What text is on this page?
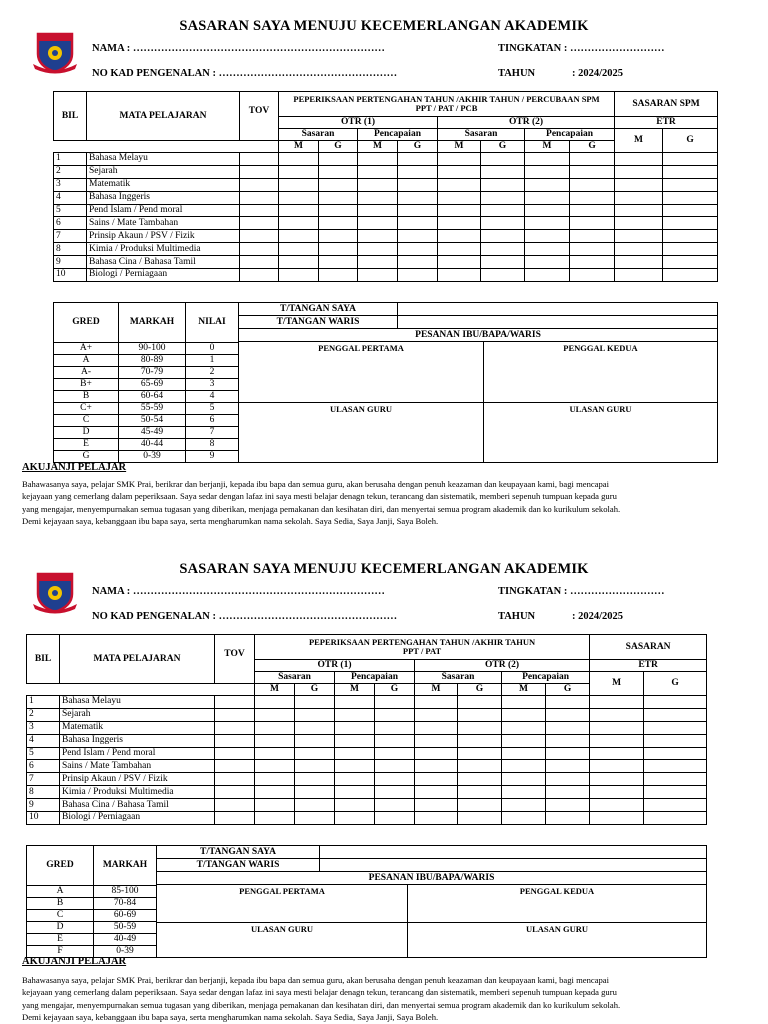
SASARAN SAYA MENUJU KECEMERLANGAN AKADEMIK
NAMA : ………………………………………………………………	TINGKATAN : ………………………
NO KAD PENGENALAN : ……………………………………………	TAHUN	: 2024/2025
BIL	MATA PELAJARAN	TOV	PEPERIKSAAN PERTENGAHAN TAHUN /AKHIR TAHUN / PERCUBAAN SPM
PPT / PAT / PCB								SASARAN SPM	
			OTR (1)				OTR (2)				ETR	
			Sasaran		Pencapaian		Sasaran		Pencapaian		M	G
			M	G	M	G	M	G	M	G		
1	Bahasa Melayu											
2	Sejarah											
3	Matematik											
4	Bahasa Inggeris											
5	Pend Islam / Pend moral											
6	Sains / Mate Tambahan											
7	Prinsip Akaun / PSV / Fizik											
8	Kimia / Produksi Multimedia											
9	Bahasa Cina / Bahasa Tamil											
10	Biologi / Perniagaan											
GRED	MARKAH	NILAI
A+	90-100	0
A	80-89	1
A-	70-79	2
B+	65-69	3
B	60-64	4
C+	55-59	5
C	50-54	6
D	45-49	7
E	40-44	8
G	0-39	9
T/TANGAN SAYA		
T/TANGAN WARIS		
PESANAN IBU/BAPA/WARIS		
PENGGAL PERTAMA		PENGGAL KEDUA
ULASAN GURU		ULASAN GURU
AKUJANJI PELAJAR
Bahawasanya saya, pelajar SMK Prai, berikrar dan berjanji, kepada ibu bapa dan semua guru, akan berusaha dengan penuh keazaman dan keupayaan kami, bagi mencapai
kejayaan yang cemerlang dalam peperiksaan. Saya sedar dengan lafaz ini saya mesti belajar denagn tekun, terancang dan sistematik, memberi sepenuh tumpuan kepada guru
yang mengajar, menyempurnakan semua tugasan yang diberikan, menjaga pemakanan dan kesihatan diri, dan menyertai semua program akademik dan ko kurikulum sekolah.
Demi kejayaan saya, kebanggaan ibu bapa saya, serta mengharumkan nama sekolah. Saya Sedia, Saya Janji, Saya Boleh.
SASARAN SAYA MENUJU KECEMERLANGAN AKADEMIK
NAMA : ………………………………………………………………	TINGKATAN : ………………………
NO KAD PENGENALAN : ……………………………………………	TAHUN	: 2024/2025
BIL	MATA PELAJARAN	TOV	PEPERIKSAAN PERTENGAHAN TAHUN /AKHIR TAHUN
PPT / PAT								SASARAN	
			OTR (1)				OTR (2)				ETR	
			Sasaran		Pencapaian		Sasaran		Pencapaian		M	G
			M	G	M	G	M	G	M	G		
1	Bahasa Melayu											
2	Sejarah											
3	Matematik											
4	Bahasa Inggeris											
5	Pend Islam / Pend moral											
6	Sains / Mate Tambahan											
7	Prinsip Akaun / PSV / Fizik											
8	Kimia / Produksi Multimedia											
9	Bahasa Cina / Bahasa Tamil											
10	Biologi / Perniagaan											
GRED	MARKAH
A	85-100
B	70-84
C	60-69
D	50-59
E	40-49
F	0-39
T/TANGAN SAYA		
T/TANGAN WARIS		
PESANAN IBU/BAPA/WARIS		
PENGGAL PERTAMA		PENGGAL KEDUA
ULASAN GURU		ULASAN GURU
AKUJANJI PELAJAR
Bahawasanya saya, pelajar SMK Prai, berikrar dan berjanji, kepada ibu bapa dan semua guru, akan berusaha dengan penuh keazaman dan keupayaan kami, bagi mencapai
kejayaan yang cemerlang dalam peperiksaan. Saya sedar dengan lafaz ini saya mesti belajar denagn tekun, terancang dan sistematik, memberi sepenuh tumpuan kepada guru
yang mengajar, menyempurnakan semua tugasan yang diberikan, menjaga pemakanan dan kesihatan diri, dan menyertai semua program akademik dan ko kurikulum sekolah.
Demi kejayaan saya, kebanggaan ibu bapa saya, serta mengharumkan nama sekolah. Saya Sedia, Saya Janji, Saya Boleh.
